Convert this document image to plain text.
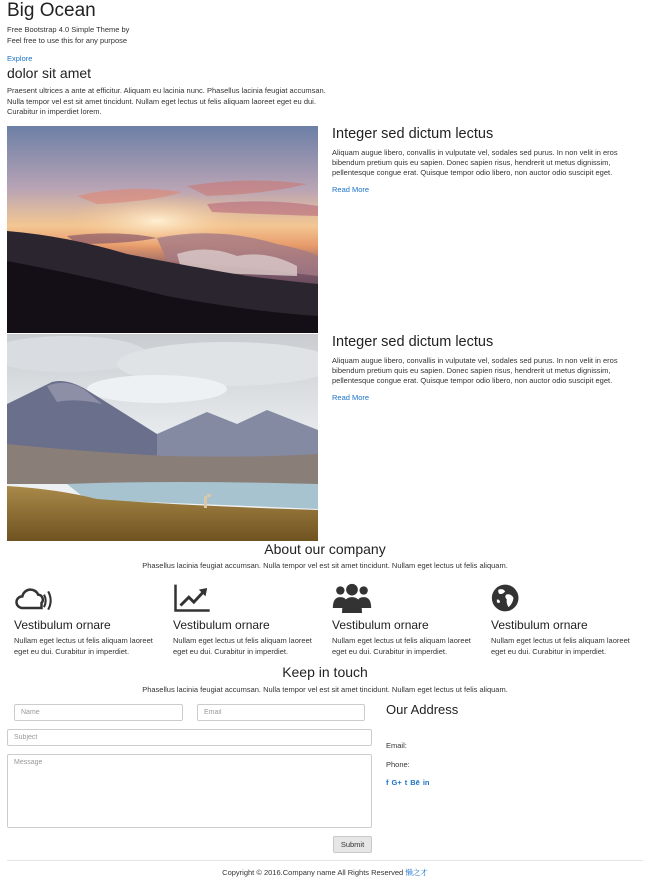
Big Ocean
Free Bootstrap 4.0 Simple Theme by
Feel free to use this for any purpose
Explore
dolor sit amet

Praesent ultrices a ante at efficitur. Aliquam eu lacinia nunc. Phasellus lacinia feugiat accumsan. Nulla tempor vel est sit amet tincidunt. Nullam eget lectus ut felis aliquam laoreet eget eu dui. Curabitur in imperdiet lorem.

Integer sed dictum lectus

Aliquam augue libero, convallis in vulputate vel, sodales sed purus. In non velit in eros bibendum pretium quis eu sapien. Donec sapien risus, hendrerit ut metus dignissim, pellentesque congue erat. Quisque tempor odio libero, non auctor odio suscipit eget.

Read More
Integer sed dictum lectus

Aliquam augue libero, convallis in vulputate vel, sodales sed purus. In non velit in eros bibendum pretium quis eu sapien. Donec sapien risus, hendrerit ut metus dignissim, pellentesque congue erat. Quisque tempor odio libero, non auctor odio suscipit eget.

Read More
About our company

Phasellus lacinia feugiat accumsan. Nulla tempor vel est sit amet tincidunt. Nullam eget lectus ut felis aliquam.

Vestibulum ornare

Nullam eget lectus ut felis aliquam laoreet eget eu dui. Curabitur in imperdiet.

Vestibulum ornare

Nullam eget lectus ut felis aliquam laoreet eget eu dui. Curabitur in imperdiet.

Vestibulum ornare

Nullam eget lectus ut felis aliquam laoreet eget eu dui. Curabitur in imperdiet.

Vestibulum ornare

Nullam eget lectus ut felis aliquam laoreet eget eu dui. Curabitur in imperdiet.

Keep in touch

Phasellus lacinia feugiat accumsan. Nulla tempor vel est sit amet tincidunt. Nullam eget lectus ut felis aliquam.

Name
Email
Subject
Message
Submit
Our Address
Email:
Phone:
f G+ t Bē in
Copyright © 2016.Company name All Rights Reserved 懒之才
